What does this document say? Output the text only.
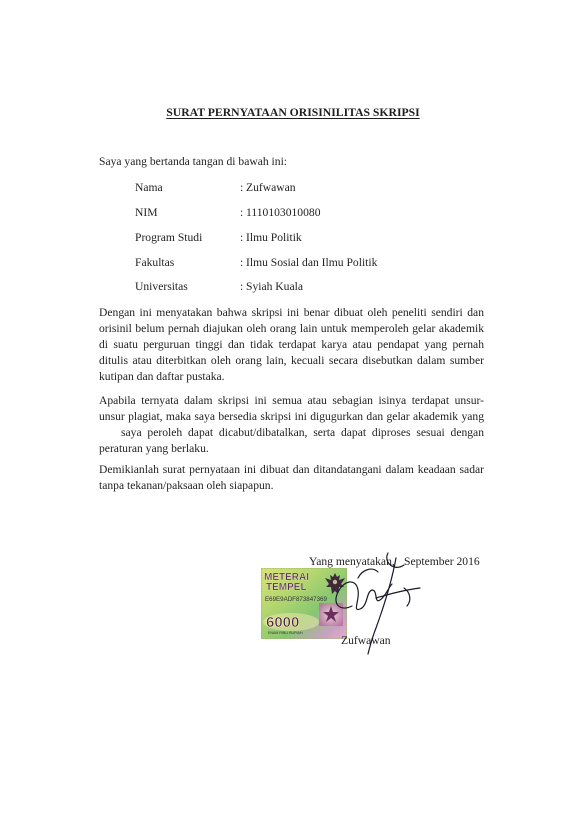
SURAT PERNYATAAN ORISINILITAS SKRIPSI
Saya yang bertanda tangan di bawah ini:
Nama	: Zufwawan
NIM	: 1110103010080
Program Studi	: Ilmu Politik
Fakultas	: Ilmu Sosial dan Ilmu Politik
Universitas	: Syiah Kuala
Dengan ini menyatakan bahwa skripsi ini benar dibuat oleh peneliti sendiri dan
orisinil belum pernah diajukan oleh orang lain untuk memperoleh gelar akademik
di suatu perguruan tinggi dan tidak terdapat karya atau pendapat yang pernah
ditulis atau diterbitkan oleh orang lain, kecuali secara disebutkan dalam sumber
kutipan dan daftar pustaka.
Apabila ternyata dalam skripsi ini semua atau sebagian isinya terdapat unsur-
unsur plagiat, maka saya bersedia skripsi ini digugurkan dan gelar akademik yang
saya peroleh dapat dicabut/dibatalkan, serta dapat diproses sesuai dengan
peraturan yang berlaku.
Demikianlah surat pernyataan ini dibuat dan ditandatangani dalam keadaan sadar
tanpa tekanan/paksaan oleh siapapun.
Yang menyatakan, September 2016
METERAI
TEMPEL
E69E9ADF873847369
6000
ENAM RIBU RUPIAH
Zufwawan
